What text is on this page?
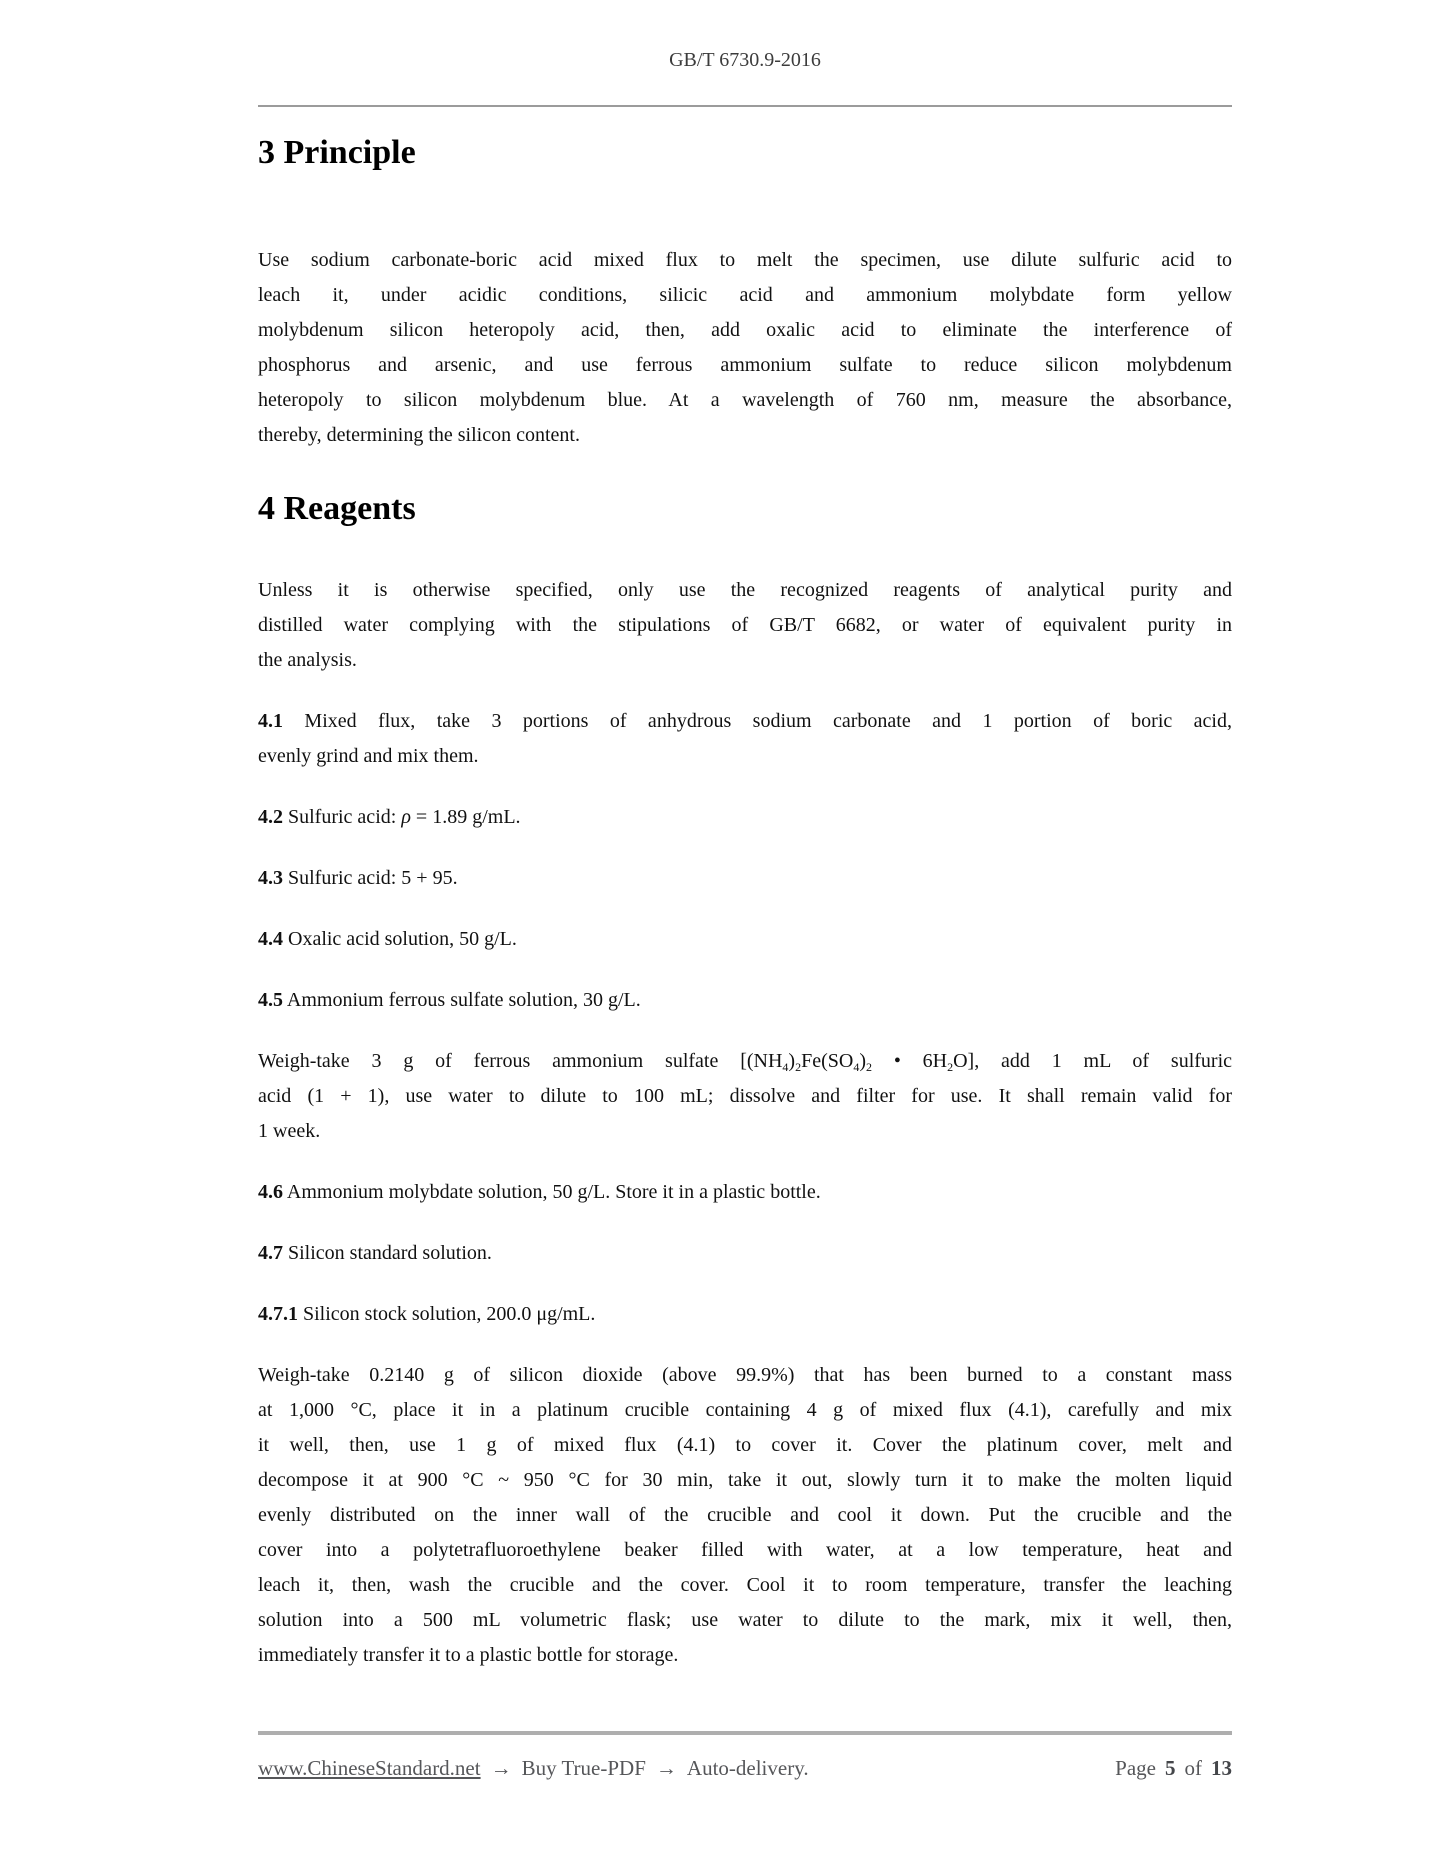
GB/T 6730.9-2016
3 Principle
Use sodium carbonate-boric acid mixed flux to melt the specimen, use dilute sulfuric acid to
leach it, under acidic conditions, silicic acid and ammonium molybdate form yellow
molybdenum silicon heteropoly acid, then, add oxalic acid to eliminate the interference of
phosphorus and arsenic, and use ferrous ammonium sulfate to reduce silicon molybdenum
heteropoly to silicon molybdenum blue. At a wavelength of 760 nm, measure the absorbance,
thereby, determining the silicon content.
4 Reagents
Unless it is otherwise specified, only use the recognized reagents of analytical purity and
distilled water complying with the stipulations of GB/T 6682, or water of equivalent purity in
the analysis.
4.1 Mixed flux, take 3 portions of anhydrous sodium carbonate and 1 portion of boric acid,
evenly grind and mix them.
4.2 Sulfuric acid: ρ = 1.89 g/mL.
4.3 Sulfuric acid: 5 + 95.
4.4 Oxalic acid solution, 50 g/L.
4.5 Ammonium ferrous sulfate solution, 30 g/L.
Weigh-take 3 g of ferrous ammonium sulfate [$(NH_4)_2Fe(SO_4)_2$ • $6H_2O$], add 1 mL of sulfuric
acid (1 + 1), use water to dilute to 100 mL; dissolve and filter for use. It shall remain valid for
1 week.
4.6 Ammonium molybdate solution, 50 g/L. Store it in a plastic bottle.
4.7 Silicon standard solution.
4.7.1 Silicon stock solution, 200.0 μg/mL.
Weigh-take 0.2140 g of silicon dioxide (above 99.9%) that has been burned to a constant mass
at 1,000 °C, place it in a platinum crucible containing 4 g of mixed flux (4.1), carefully and mix
it well, then, use 1 g of mixed flux (4.1) to cover it. Cover the platinum cover, melt and
decompose it at 900 °C ~ 950 °C for 30 min, take it out, slowly turn it to make the molten liquid
evenly distributed on the inner wall of the crucible and cool it down. Put the crucible and the
cover into a polytetrafluoroethylene beaker filled with water, at a low temperature, heat and
leach it, then, wash the crucible and the cover. Cool it to room temperature, transfer the leaching
solution into a 500 mL volumetric flask; use water to dilute to the mark, mix it well, then,
immediately transfer it to a plastic bottle for storage.
www.ChineseStandard.net → Buy True-PDF → Auto-delivery.	Page 5 of 13
